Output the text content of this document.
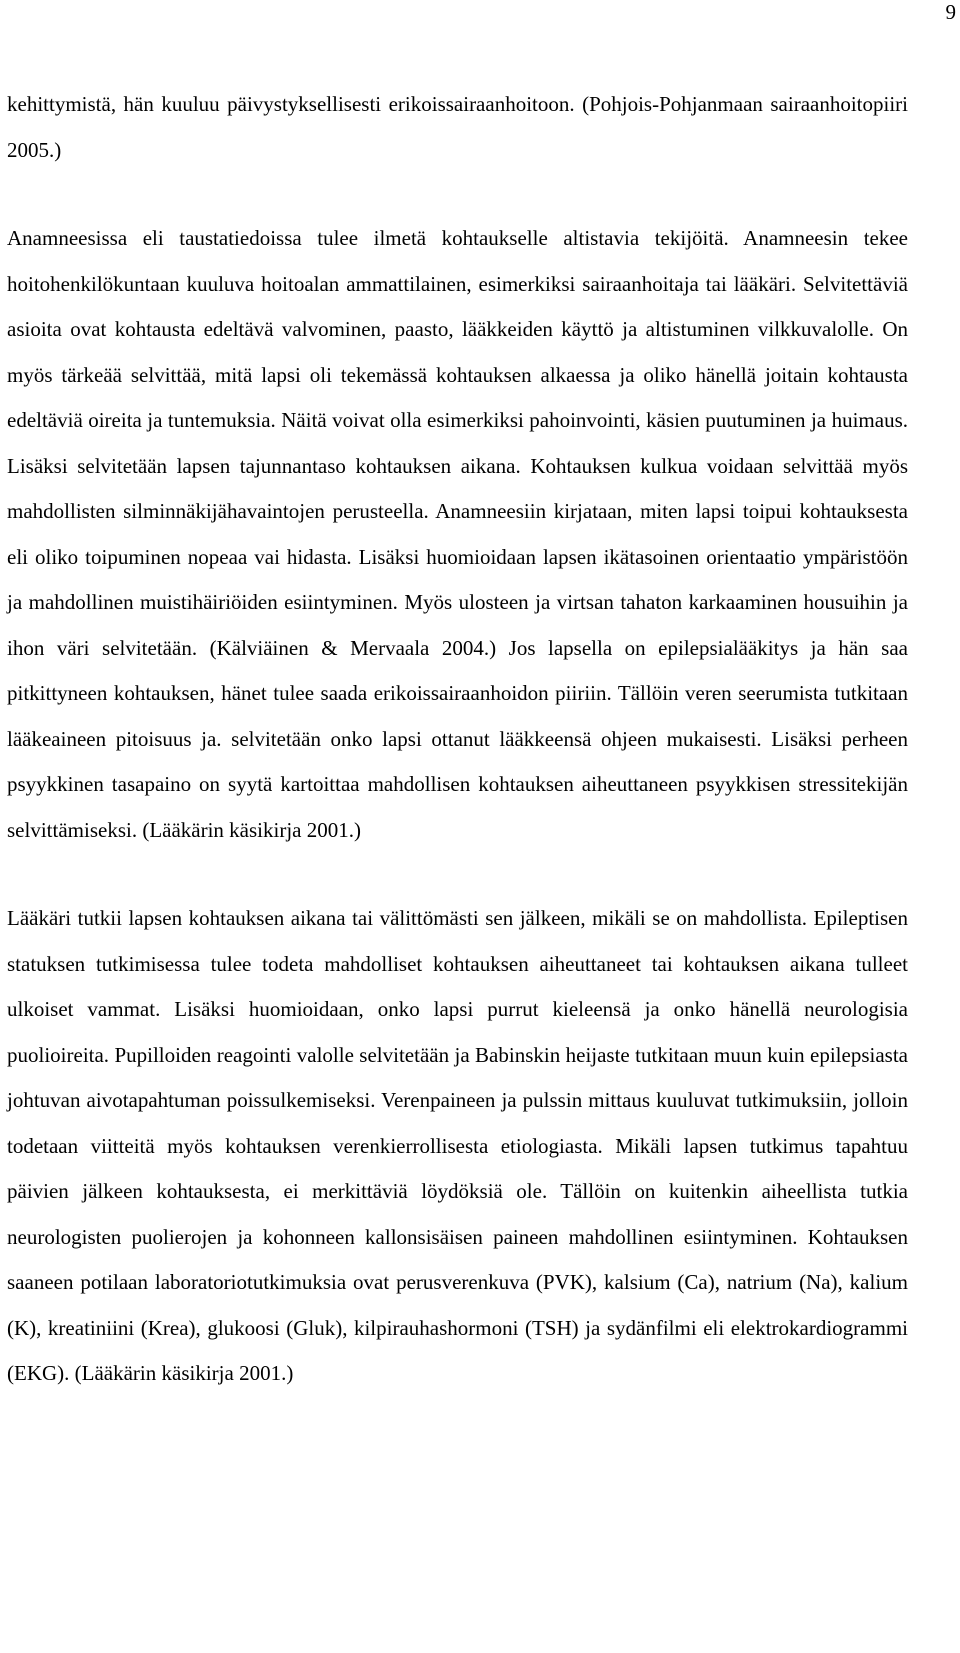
9

kehittymistä, hän kuuluu päivystyksellisesti erikoissairaanhoitoon. (Pohjois-Pohjanmaan sairaanhoitopiiri 2005.)

Anamneesissa eli taustatiedoissa tulee ilmetä kohtaukselle altistavia tekijöitä. Anamneesin tekee hoitohenkilökuntaan kuuluva hoitoalan ammattilainen, esimerkiksi sairaanhoitaja tai lääkäri. Selvitettäviä asioita ovat kohtausta edeltävä valvominen, paasto, lääkkeiden käyttö ja altistuminen vilkkuvalolle. On myös tärkeää selvittää, mitä lapsi oli tekemässä kohtauksen alkaessa ja oliko hänellä joitain kohtausta edeltäviä oireita ja tuntemuksia. Näitä voivat olla esimerkiksi pahoinvointi, käsien puutuminen ja huimaus. Lisäksi selvitetään lapsen tajunnantaso kohtauksen aikana. Kohtauksen kulkua voidaan selvittää myös mahdollisten silminnäkijähavaintojen perusteella. Anamneesiin kirjataan, miten lapsi toipui kohtauksesta eli oliko toipuminen nopeaa vai hidasta. Lisäksi huomioidaan lapsen ikätasoinen orientaatio ympäristöön ja mahdollinen muistihäiriöiden esiintyminen. Myös ulosteen ja virtsan tahaton karkaaminen housuihin ja ihon väri selvitetään. (Kälviäinen & Mervaala 2004.) Jos lapsella on epilepsialääkitys ja hän saa pitkittyneen kohtauksen, hänet tulee saada erikoissairaanhoidon piiriin. Tällöin veren seerumista tutkitaan lääkeaineen pitoisuus ja. selvitetään onko lapsi ottanut lääkkeensä ohjeen mukaisesti. Lisäksi perheen psyykkinen tasapaino on syytä kartoittaa mahdollisen kohtauksen aiheuttaneen psyykkisen stressitekijän selvittämiseksi. (Lääkärin käsikirja 2001.)

Lääkäri tutkii lapsen kohtauksen aikana tai välittömästi sen jälkeen, mikäli se on mahdollista. Epileptisen statuksen tutkimisessa tulee todeta mahdolliset kohtauksen aiheuttaneet tai kohtauksen aikana tulleet ulkoiset vammat. Lisäksi huomioidaan, onko lapsi purrut kieleensä ja onko hänellä neurologisia puolioireita. Pupilloiden reagointi valolle selvitetään ja Babinskin heijaste tutkitaan muun kuin epilepsiasta johtuvan aivotapahtuman poissulkemiseksi. Verenpaineen ja pulssin mittaus kuuluvat tutkimuksiin, jolloin todetaan viitteitä myös kohtauksen verenkierrollisesta etiologiasta. Mikäli lapsen tutkimus tapahtuu päivien jälkeen kohtauksesta, ei merkittäviä löydöksiä ole. Tällöin on kuitenkin aiheellista tutkia neurologisten puolierojen ja kohonneen kallonsisäisen paineen mahdollinen esiintyminen. Kohtauksen saaneen potilaan laboratoriotutkimuksia ovat perusverenkuva (PVK), kalsium (Ca), natrium (Na), kalium (K), kreatiniini (Krea), glukoosi (Gluk), kilpirauhashormoni (TSH) ja sydänfilmi eli elektrokardiogrammi (EKG). (Lääkärin käsikirja 2001.)
